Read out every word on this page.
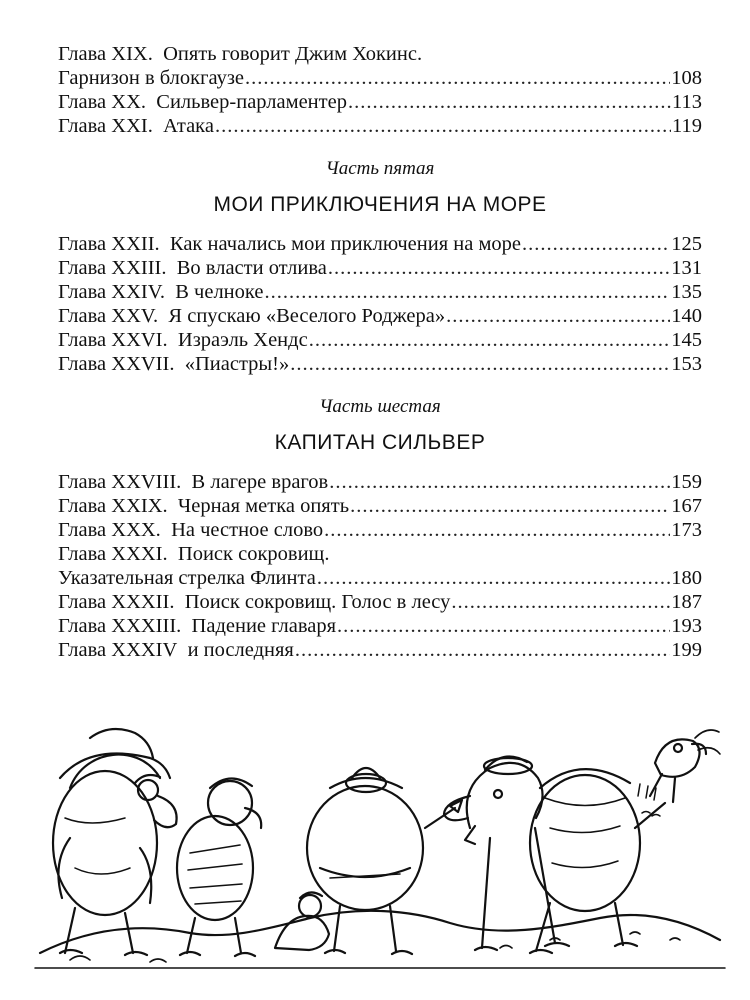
Глава XIX. Опять говорит Джим Хокинс.
Гарнизон в блокгаузе .....	108
Глава XX. Сильвер-парламентер .....	113
Глава XXI. Атака .....	119
Часть пятая
МОИ ПРИКЛЮЧЕНИЯ НА МОРЕ
Глава XXII. Как начались мои приключения на море .....	125
Глава XXIII. Во власти отлива .....	131
Глава XXIV. В челноке .....	135
Глава XXV. Я спускаю «Веселого Роджера» .....	140
Глава XXVI. Израэль Хендс .....	145
Глава XXVII. «Пиастры!» .....	153
Часть шестая
КАПИТАН СИЛЬВЕР
Глава XXVIII. В лагере врагов .....	159
Глава XXIX. Черная метка опять .....	167
Глава XXX. На честное слово .....	173
Глава XXXI. Поиск сокровищ.
Указательная стрелка Флинта .....	180
Глава XXXII. Поиск сокровищ. Голос в лесу .....	187
Глава XXXIII. Падение главаря .....	193
Глава XXXIV и последняя .....	199
